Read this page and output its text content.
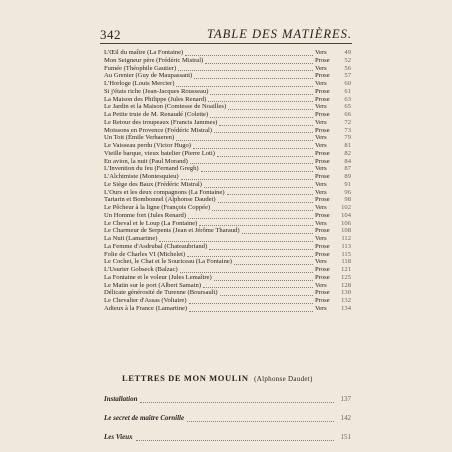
342	TABLE DES MATIÈRES.
L'Œil du maître (La Fontaine)	Vers	49
Mon Seigneur père (Frédéric Mistral)	Prose	52
Fumée (Théophile Gautier)	Vers	56
Au Grenier (Guy de Maupassant)	Prose	57
L'Horloge (Louis Mercier)	Vers	60
Si j'étais riche (Jean-Jacques Rousseau)	Prose	61
La Maison des Philippe (Jules Renard)	Prose	63
Le Jardin et la Maison (Comtesse de Noailles)	Vers	65
La Petite truie de M. Renaudé (Colette)	Prose	66
Le Retour des troupeaux (Francis Jammes)	Vers	72
Moissons en Provence (Frédéric Mistral)	Prose	73
Un Toit (Émile Verhaeren)	Vers	79
Le Vaisseau perdu (Victor Hugo)	Vers	81
Vieille barque, vieux batelier (Pierre Loti)	Prose	82
En avion, la nuit (Paul Morand)	Prose	84
L'Invention du feu (Fernand Gregh)	Vers	87
L'Alchimiste (Montesquieu)	Prose	89
Le Siège des Baux (Frédéric Mistral)	Vers	91
L'Ours et les deux compagnons (La Fontaine)	Vers	96
Tartarin et Bombonnel (Alphonse Daudet)	Prose	98
Le Pêcheur à la ligne (François Coppée)	Vers	102
Un Homme fort (Jules Renard)	Prose	104
Le Cheval et le Loup (La Fontaine)	Vers	106
Le Charmeur de Serpents (Jean et Jérôme Tharaud)	Prose	108
La Nuit (Lamartine)	Vers	112
La Femme d'Asdrubal (Chateaubriand)	Prose	113
Folie de Charles VI (Michelet)	Prose	115
Le Cochet, le Chat et le Souriceau (La Fontaine)	Vers	118
L'Usurier Gobseck (Balzac)	Prose	121
La Fontaine et le voleur (Jules Lemaître)	Prose	125
Le Matin sur le port (Albert Samain)	Vers	128
Délicate générosité de Turenne (Boursault)	Prose	130
Le Chevalier d'Assas (Voltaire)	Prose	132
Adieux à la France (Lamartine)	Vers	134
LETTRES DE MON MOULIN (Alphonse Daudet)
Installation	137
Le secret de maître Cornille	142
Les Vieux	151
